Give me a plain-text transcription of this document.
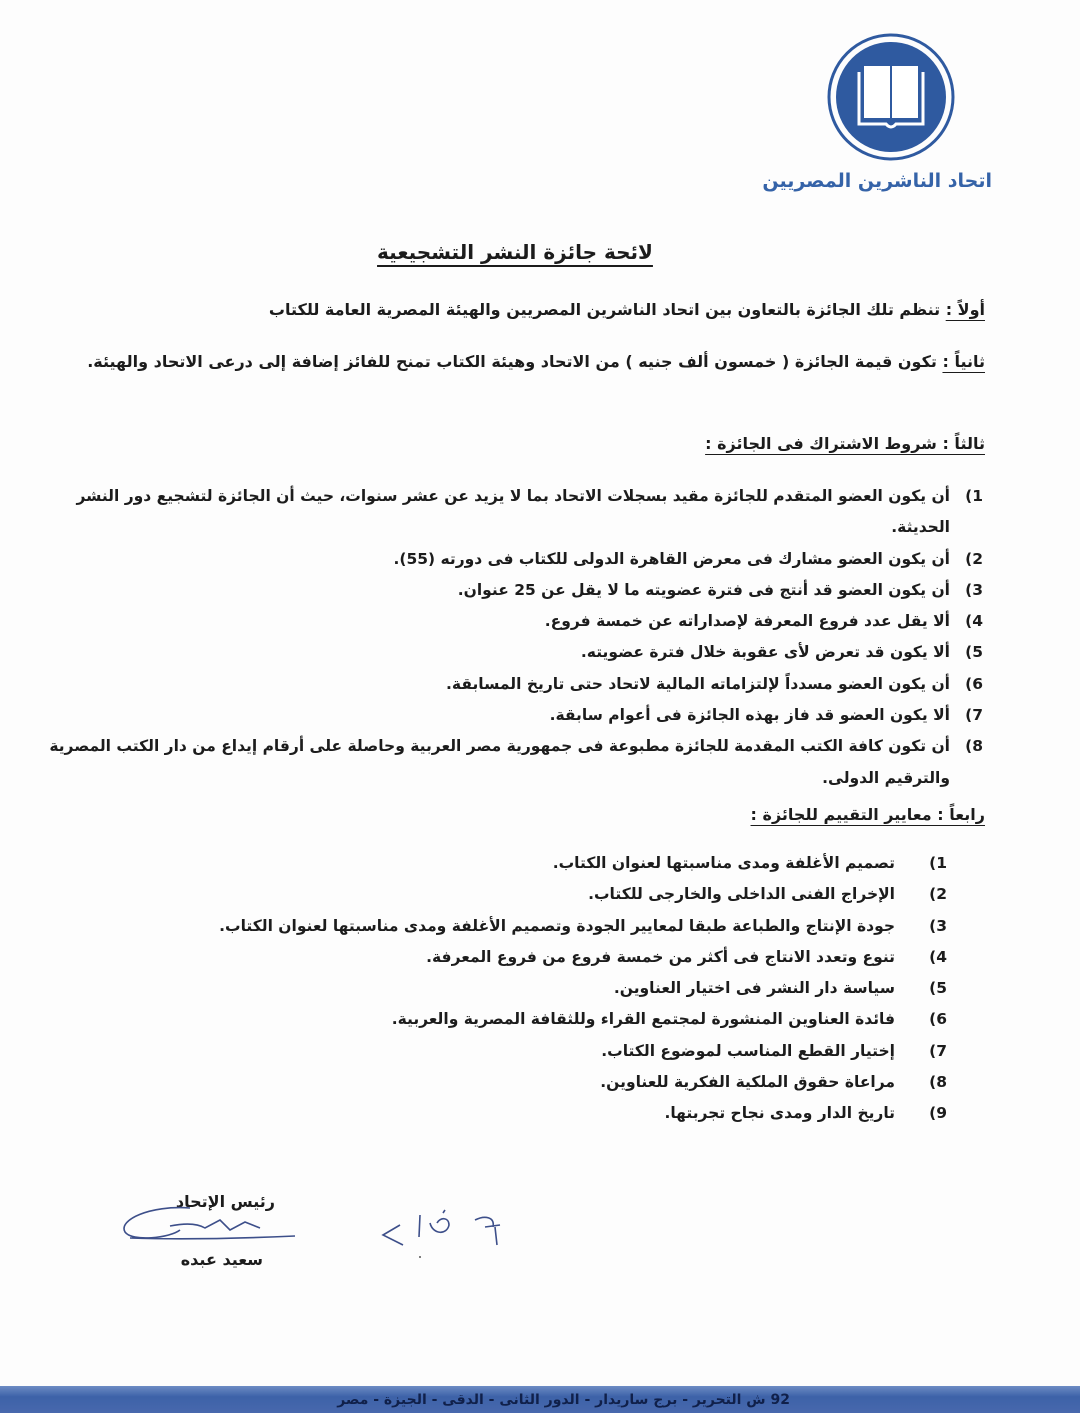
اتحاد الناشرين المصريين
لائحة جائزة النشر التشجيعية
أولاً : تنظم تلك الجائزة بالتعاون بين اتحاد الناشرين المصريين والهيئة المصرية العامة للكتاب
ثانياً : تكون قيمة الجائزة ( خمسون ألف جنيه ) من الاتحاد وهيئة الكتاب تمنح للفائز إضافة إلى درعى الاتحاد والهيئة.
ثالثاً : شروط الاشتراك فى الجائزة :
1)
أن يكون العضو المتقدم للجائزة مقيد بسجلات الاتحاد بما لا يزيد عن عشر سنوات، حيث أن الجائزة لتشجيع دور النشر الحديثة.
2)
أن يكون العضو مشارك فى معرض القاهرة الدولى للكتاب فى دورته (55).
3)
أن يكون العضو قد أنتج فى فترة عضويته ما لا يقل عن 25 عنوان.
4)
ألا يقل عدد فروع المعرفة لإصداراته عن خمسة فروع.
5)
ألا يكون قد تعرض لأى عقوبة خلال فترة عضويته.
6)
أن يكون العضو مسدداً لإلتزاماته المالية لاتحاد حتى تاريخ المسابقة.
7)
ألا يكون العضو قد فاز بهذه الجائزة فى أعوام سابقة.
8)
أن تكون كافة الكتب المقدمة للجائزة مطبوعة فى جمهورية مصر العربية وحاصلة على أرقام إيداع من دار الكتب المصرية والترقيم الدولى.
رابعاً : معايير التقييم للجائزة :
1)
تصميم الأغلفة ومدى مناسبتها لعنوان الكتاب.
2)
الإخراج الفنى الداخلى والخارجى للكتاب.
3)
جودة الإنتاج والطباعة طبقا لمعايير الجودة وتصميم الأغلفة ومدى مناسبتها لعنوان الكتاب.
4)
تنوع وتعدد الانتاج فى أكثر من خمسة فروع من فروع المعرفة.
5)
سياسة دار النشر فى اختيار العناوين.
6)
فائدة العناوين المنشورة لمجتمع القراء وللثقافة المصرية والعربية.
7)
إختيار القطع المناسب لموضوع الكتاب.
8)
مراعاة حقوق الملكية الفكرية للعناوين.
9)
تاريخ الدار ومدى نجاح تجربتها.
رئيس الإتحاد
سعيد عبده
92 ش التحرير - برج ساريدار - الدور الثانى - الدقى - الجيزة - مصر
